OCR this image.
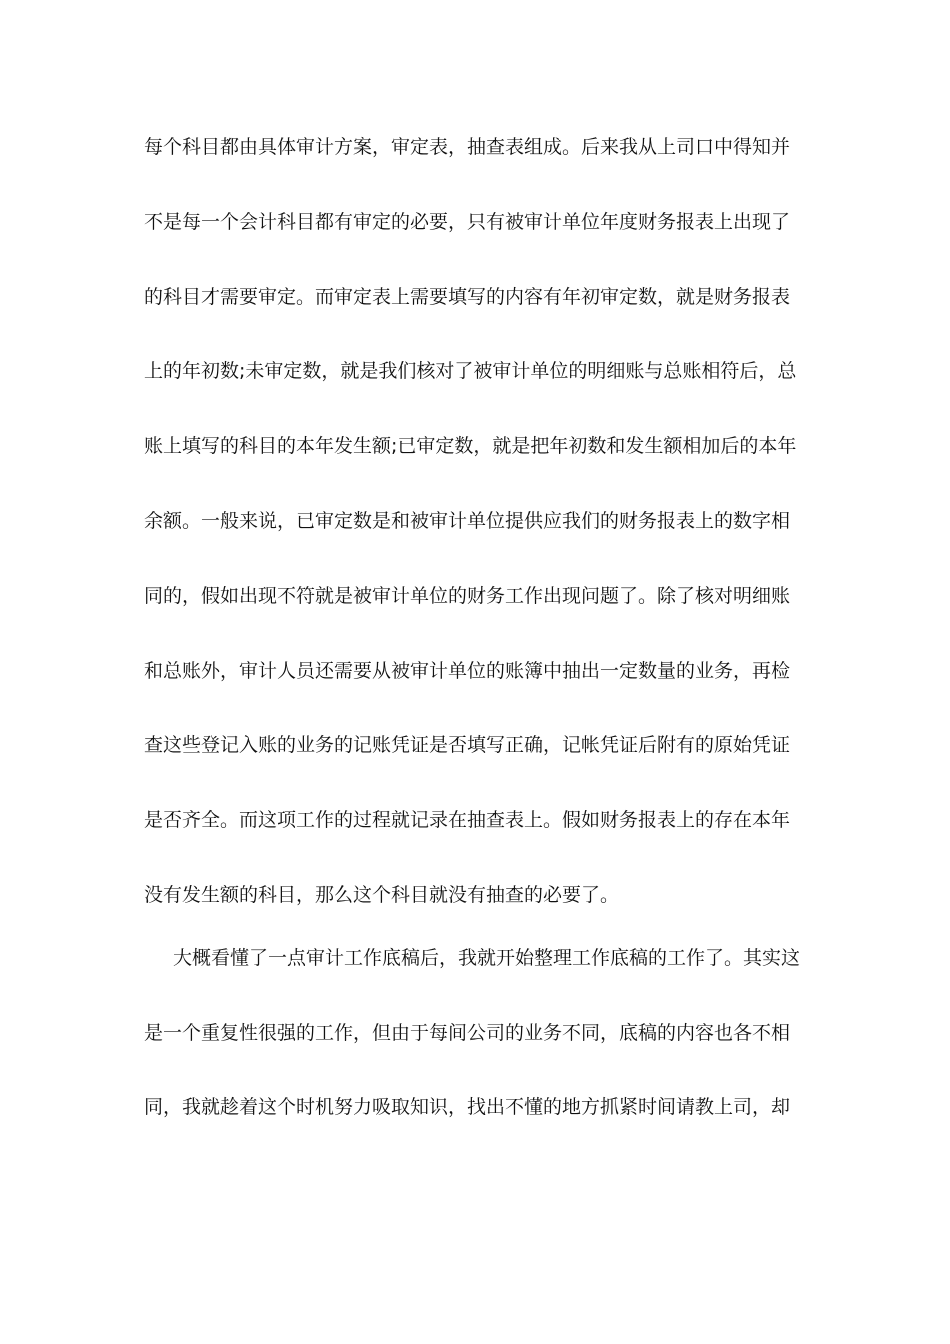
每个科目都由具体审计方案，审定表，抽查表组成。后来我从上司口中得知并
不是每一个会计科目都有审定的必要，只有被审计单位年度财务报表上出现了
的科目才需要审定。而审定表上需要填写的内容有年初审定数，就是财务报表
上的年初数;未审定数，就是我们核对了被审计单位的明细账与总账相符后，总
账上填写的科目的本年发生额;已审定数，就是把年初数和发生额相加后的本年
余额。一般来说，已审定数是和被审计单位提供应我们的财务报表上的数字相
同的，假如出现不符就是被审计单位的财务工作出现问题了。除了核对明细账
和总账外，审计人员还需要从被审计单位的账簿中抽出一定数量的业务，再检
查这些登记入账的业务的记账凭证是否填写正确，记帐凭证后附有的原始凭证
是否齐全。而这项工作的过程就记录在抽查表上。假如财务报表上的存在本年
没有发生额的科目，那么这个科目就没有抽查的必要了。
大概看懂了一点审计工作底稿后，我就开始整理工作底稿的工作了。其实这
是一个重复性很强的工作，但由于每间公司的业务不同，底稿的内容也各不相
同，我就趁着这个时机努力吸取知识，找出不懂的地方抓紧时间请教上司，却
